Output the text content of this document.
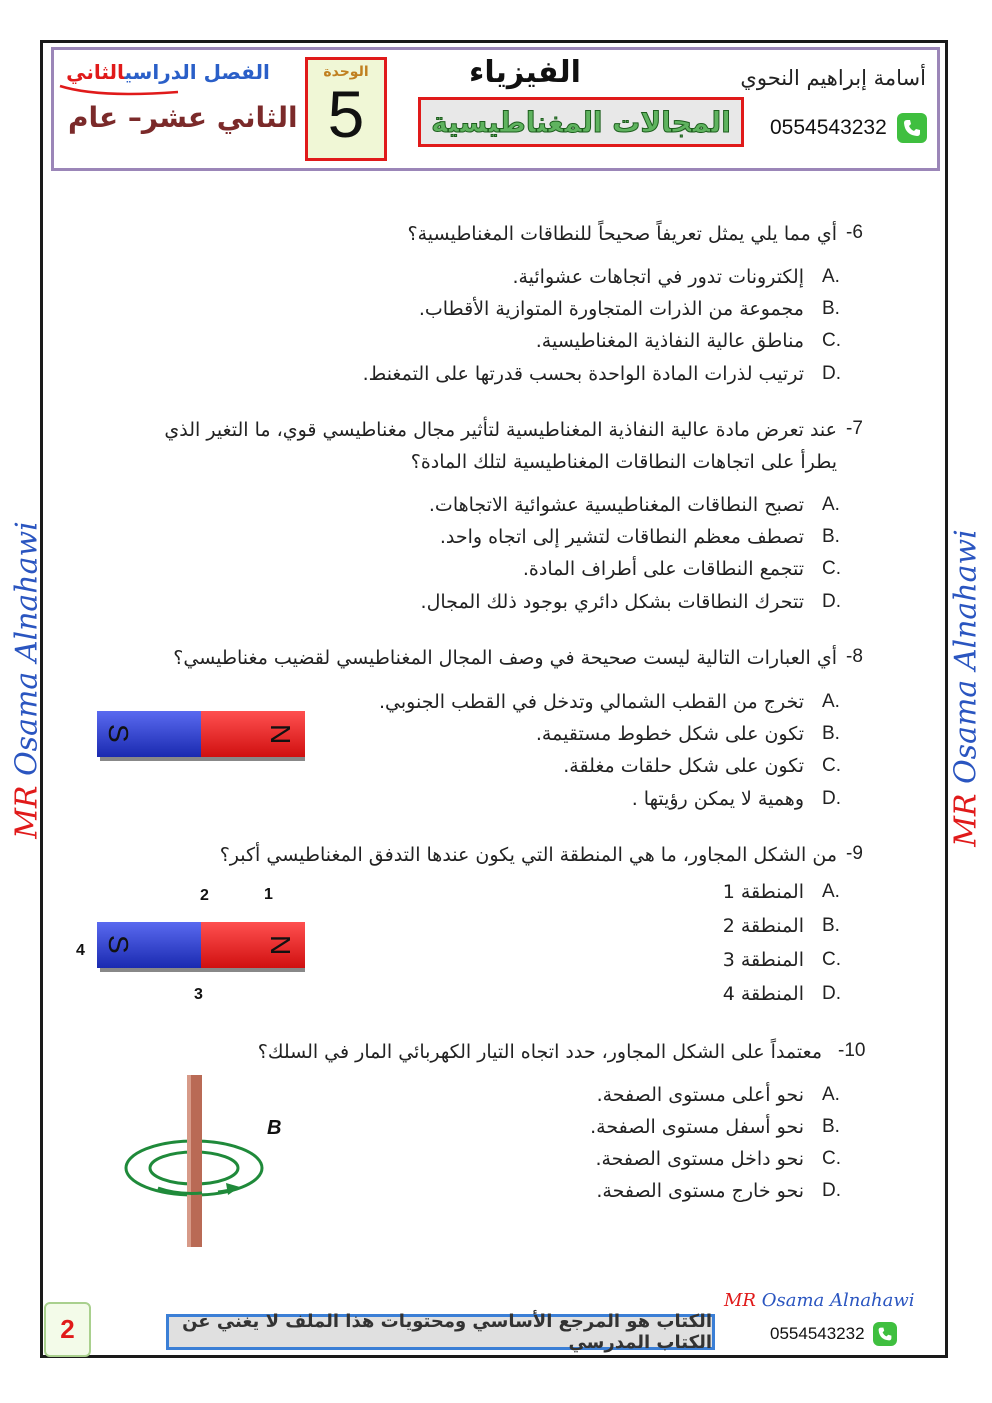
أسامة إبراهيم النحوي
0554543232
الفيزياء
المجالات المغناطيسية
الوحدة
5
الفصل الدراسيالثاني
الثاني عشر– عام
MR Osama Alnahawi
MR Osama Alnahawi
-6
أي مما يلي يمثل تعريفاً صحيحاً للنطاقات المغناطيسية؟
A.
إلكترونات تدور في اتجاهات عشوائية.
B.
مجموعة من الذرات المتجاورة المتوازية الأقطاب.
C.
مناطق عالية النفاذية المغناطيسية.
D.
ترتيب لذرات المادة الواحدة بحسب قدرتها على التمغنط.
-7
عند تعرض مادة عالية النفاذية المغناطيسية لتأثير مجال مغناطيسي قوي، ما التغير الذي
يطرأ على اتجاهات النطاقات المغناطيسية لتلك المادة؟
A.
تصبح النطاقات المغناطيسية عشوائية الاتجاهات.
B.
تصطف معظم النطاقات لتشير إلى اتجاه واحد.
C.
تتجمع النطاقات على أطراف المادة.
D.
تتحرك النطاقات بشكل دائري بوجود ذلك المجال.
-8
أي العبارات التالية ليست صحيحة في وصف المجال المغناطيسي لقضيب مغناطيسي؟
A.
تخرج من القطب الشمالي وتدخل في القطب الجنوبي.
B.
تكون على شكل خطوط مستقيمة.
C.
تكون على شكل حلقات مغلقة.
D.
وهمية لا يمكن رؤيتها .
S	N
-9
من الشكل المجاور، ما هي المنطقة التي يكون عندها التدفق المغناطيسي أكبر؟
A.
المنطقة 1
B.
المنطقة 2
C.
المنطقة 3
D.
المنطقة 4
1
2
3
4 S	N
-10
معتمداً على الشكل المجاور، حدد اتجاه التيار الكهربائي المار في السلك؟
A.
نحو أعلى مستوى الصفحة.
B.
نحو أسفل مستوى الصفحة.
C.
نحو داخل مستوى الصفحة.
D.
نحو خارج مستوى الصفحة.
B
2	الكتاب هو المرجع الأساسي ومحتويات هذا الملف لا يغني عن الكتاب المدرسي
MR Osama Alnahawi
0554543232
